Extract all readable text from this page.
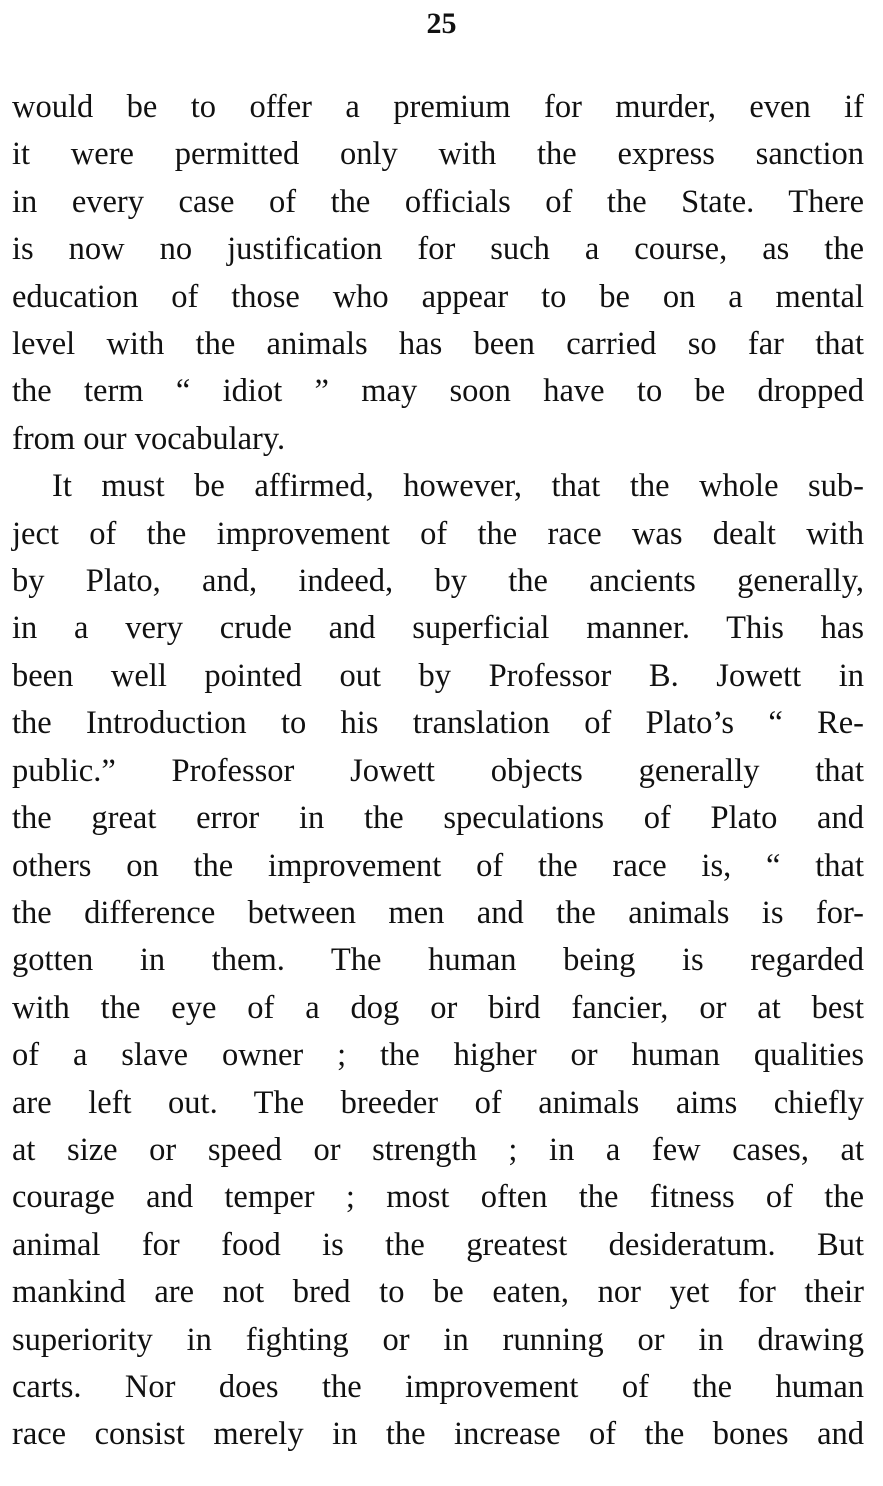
25

would be to offer a premium for murder, even if
it were permitted only with the express sanction
in every case of the officials of the State. There
is now no justification for such a course, as the
education of those who appear to be on a mental
level with the animals has been carried so far that
the term “ idiot ” may soon have to be dropped
from our vocabulary.

It must be affirmed, however, that the whole sub-
ject of the improvement of the race was dealt with
by Plato, and, indeed, by the ancients generally,
in a very crude and superficial manner. This has
been well pointed out by Professor B. Jowett in
the Introduction to his translation of Plato’s “ Re-
public.” Professor Jowett objects generally that
the great error in the speculations of Plato and
others on the improvement of the race is, “ that
the difference between men and the animals is for-
gotten in them. The human being is regarded
with the eye of a dog or bird fancier, or at best
of a slave owner ; the higher or human qualities
are left out. The breeder of animals aims chiefly
at size or speed or strength ; in a few cases, at
courage and temper ; most often the fitness of the
animal for food is the greatest desideratum. But
mankind are not bred to be eaten, nor yet for their
superiority in fighting or in running or in drawing
carts. Nor does the improvement of the human
race consist merely in the increase of the bones and
